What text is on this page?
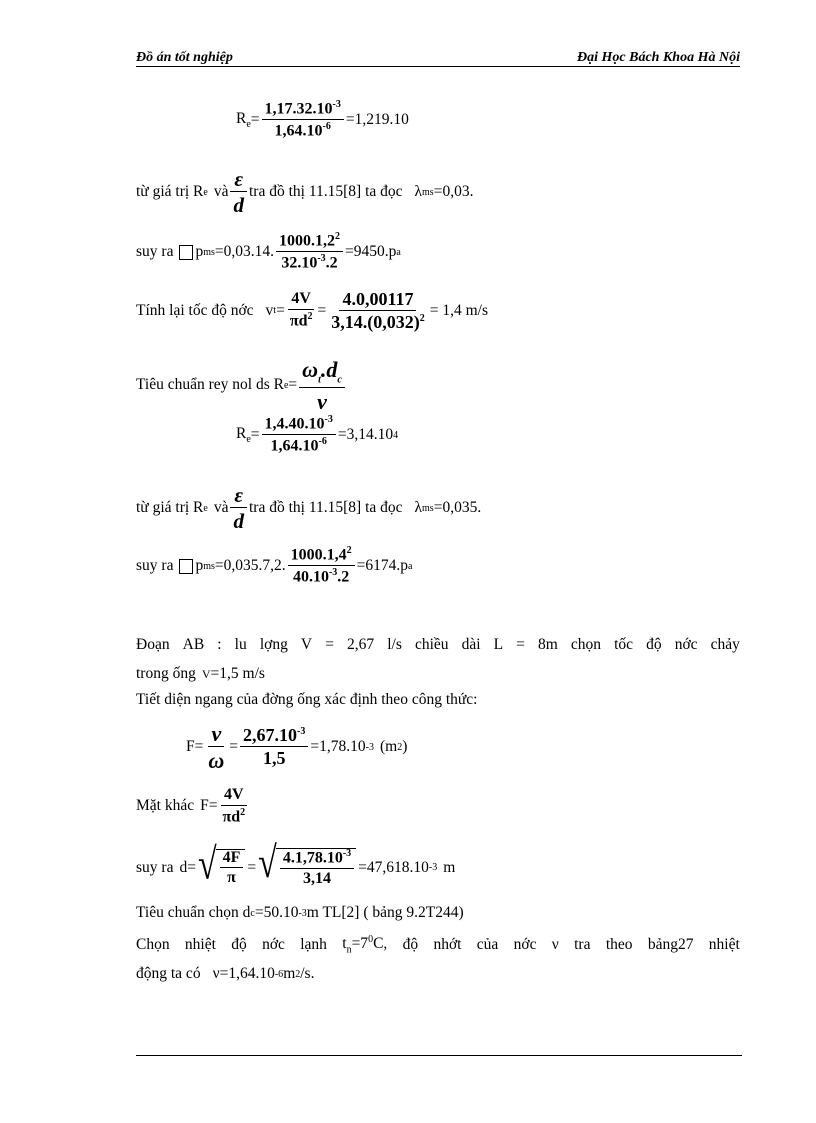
Đồ án tốt nghiệp	Đại Học Bách Khoa Hà Nội
$R_e = \frac{1,17.32.10^{-3}}{1,64.10^{-6}} =1,219.10$
từ giá trị R e và $\frac{\varepsilon}{d}$ tra đồ thị 11.15[8] ta đọc λ ms =0,03.
suy ra p ms =0,03.14. $\frac{1000.1,2^2}{32.10^{-3}.2} =9450.p$ a
Tính lại tốc độ nớc v $t = \frac{4V}{\pi d^2} = \frac{4.0,00117}{3,14.(0,032)^2} = 1,4$ m/s
Tiêu chuẩn rey nol ds R $e = \frac{\omega_t.d_c}{\nu}$
$R_e = \frac{1,4.40.10^{-3}}{1,64.10^{-6}} =3,14.10$ 4
từ giá trị R e và $\frac{\varepsilon}{d}$ tra đồ thị 11.15[8] ta đọc λ ms =0,035.
suy ra p ms =0,035.7,2. $\frac{1000.1,4^2}{40.10^{-3}.2} =6174.p$ a
Đoạn AB : lu lợng V = 2,67 l/s chiều dài L = 8m chọn tốc độ nớc chảy
trong ống V =1,5 m/s
Tiết diện ngang của đờng ống xác định theo công thức:
$F= \frac{\nu}{\omega} = \frac{2,67.10^{-3}}{1,5} =1,78.10$ -3 (m 2 )
Mặt khác $F= \frac{4V}{\pi d^2}$
suy ra d= √ $\frac{4F}{\pi}$ = √ $\frac{4.1,78.10^{-3}}{3,14} =47,618.10$ -3 m
Tiêu chuẩn chọn d c =50.10 -3 m TL[2] ( bảng 9.2T244)
Chọn nhiệt độ nớc lạnh $t_n=7^0C$, độ nhớt của nớc ν tra theo bảng27 nhiệt
động ta có ν =1,64.10 -6 m 2 /s.
